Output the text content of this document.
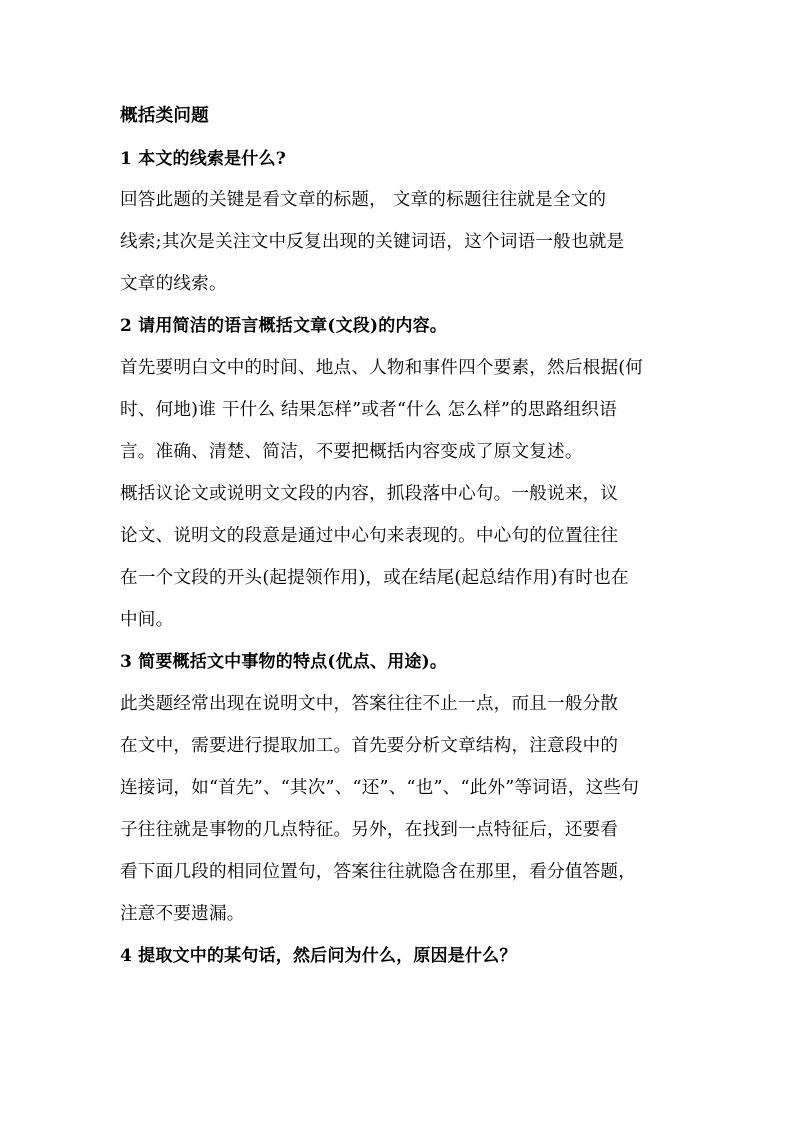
概括类问题
1 本文的线索是什么?
回答此题的关键是看文章的标题， 文章的标题往往就是全文的
线索;其次是关注文中反复出现的关键词语，这个词语一般也就是
文章的线索。
2 请用简洁的语言概括文章(文段)的内容。
首先要明白文中的时间、地点、人物和事件四个要素，然后根据(何
时、何地)谁 干什么 结果怎样”或者“什么 怎么样”的思路组织语
言。准确、清楚、简洁，不要把概括内容变成了原文复述。
概括议论文或说明文文段的内容，抓段落中心句。一般说来，议
论文、说明文的段意是通过中心句来表现的。中心句的位置往往
在一个文段的开头(起提领作用)，或在结尾(起总结作用)有时也在
中间。
3 简要概括文中事物的特点(优点、用途)。
此类题经常出现在说明文中，答案往往不止一点，而且一般分散
在文中，需要进行提取加工。首先要分析文章结构，注意段中的
连接词，如“首先”、“其次”、“还”、“也”、“此外”等词语，这些句
子往往就是事物的几点特征。另外，在找到一点特征后，还要看
看下面几段的相同位置句，答案往往就隐含在那里，看分值答题，
注意不要遗漏。
4 提取文中的某句话，然后问为什么，原因是什么？
